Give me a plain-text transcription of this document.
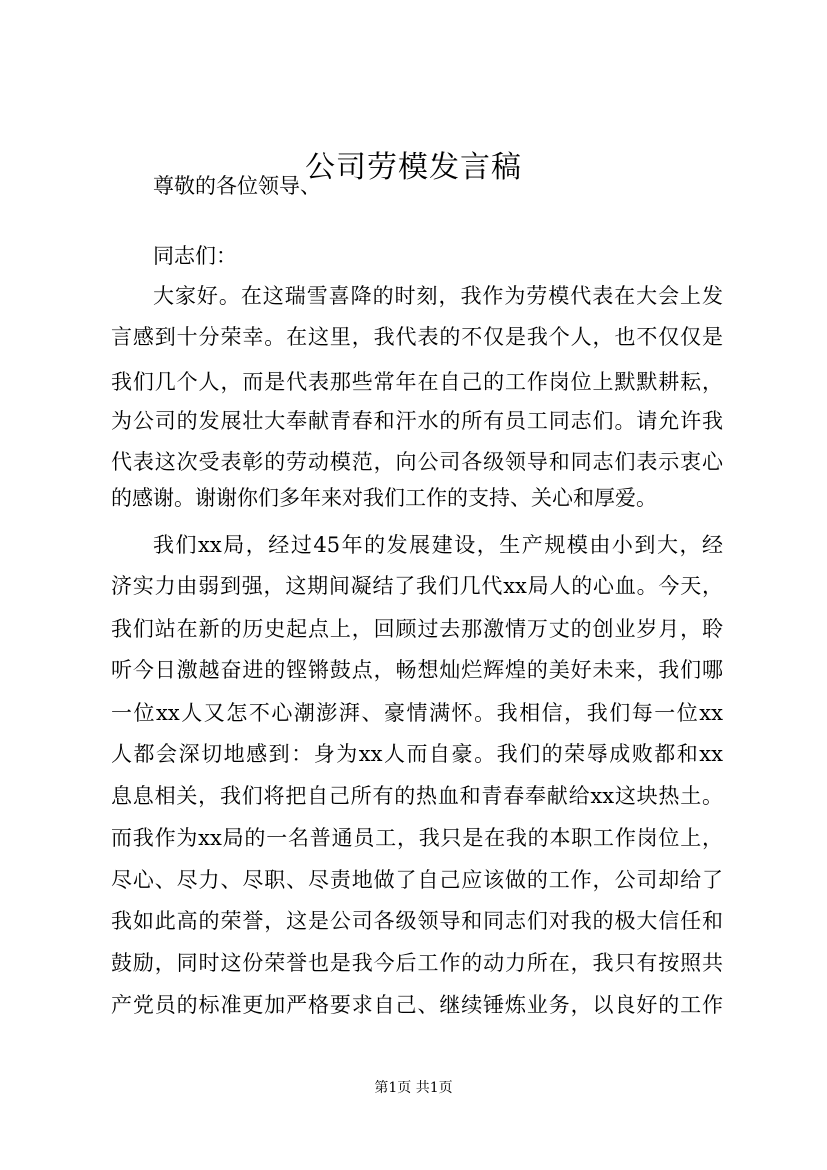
公司劳模发言稿
尊敬的各位领导、
同志们：
大家好。在这瑞雪喜降的时刻，我作为劳模代表在大会上发
言感到十分荣幸。在这里，我代表的不仅是我个人，也不仅仅是
我们几个人，而是代表那些常年在自己的工作岗位上默默耕耘，
为公司的发展壮大奉献青春和汗水的所有员工同志们。请允许我
代表这次受表彰的劳动模范，向公司各级领导和同志们表示衷心
的感谢。谢谢你们多年来对我们工作的支持、关心和厚爱。
我们xx局，经过45年的发展建设，生产规模由小到大，经
济实力由弱到强，这期间凝结了我们几代xx局人的心血。今天，
我们站在新的历史起点上，回顾过去那激情万丈的创业岁月，聆
听今日激越奋进的铿锵鼓点，畅想灿烂辉煌的美好未来，我们哪
一位xx人又怎不心潮澎湃、豪情满怀。我相信，我们每一位xx
人都会深切地感到：身为xx人而自豪。我们的荣辱成败都和xx
息息相关，我们将把自己所有的热血和青春奉献给xx这块热土。
而我作为xx局的一名普通员工，我只是在我的本职工作岗位上，
尽心、尽力、尽职、尽责地做了自己应该做的工作，公司却给了
我如此高的荣誉，这是公司各级领导和同志们对我的极大信任和
鼓励，同时这份荣誉也是我今后工作的动力所在，我只有按照共
产党员的标准更加严格要求自己、继续锤炼业务，以良好的工作
第1页 共1页
